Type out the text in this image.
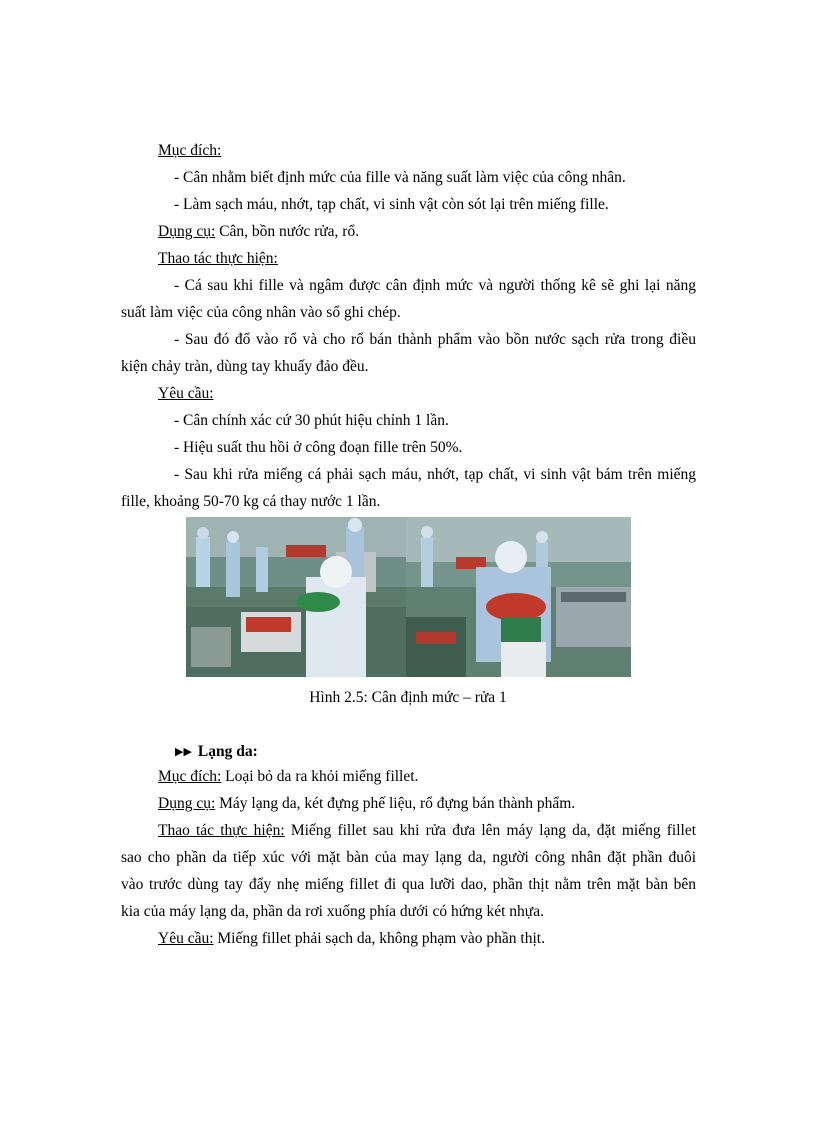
Mục đích:
- Cân nhằm biết định mức của fille và năng suất làm việc của công nhân.
- Làm sạch máu, nhớt, tạp chất, vi sinh vật còn sót lại trên miếng fille.
Dụng cụ: Cân, bồn nước rửa, rổ.
Thao tác thực hiện:
- Cá sau khi fille và ngâm được cân định mức và người thống kê sẽ ghi lại năng
suất làm việc của công nhân vào sổ ghi chép.
- Sau đó đổ vào rổ và cho rổ bán thành phẩm vào bồn nước sạch rửa trong điều
kiện chảy tràn, dùng tay khuấy đảo đều.
Yêu cầu:
- Cân chính xác cứ 30 phút hiệu chỉnh 1 lần.
- Hiệu suất thu hồi ở công đoạn fille trên 50%.
- Sau khi rửa miếng cá phải sạch máu, nhớt, tạp chất, vi sinh vật bám trên miếng
fille, khoảng 50-70 kg cá thay nước 1 lần.
Hình 2.5: Cân định mức – rửa 1
▶▶ Lạng da:
Mục đích: Loại bỏ da ra khỏi miếng fillet.
Dụng cụ: Máy lạng da, két đựng phế liệu, rổ đựng bán thành phẩm.
Thao tác thực hiện: Miếng fillet sau khi rửa đưa lên máy lạng da, đặt miếng fillet
sao cho phần da tiếp xúc với mặt bàn của may lạng da, người công nhân đặt phần đuôi
vào trước dùng tay đẩy nhẹ miếng fillet đi qua lưỡi dao, phần thịt nằm trên mặt bàn bên
kia của máy lạng da, phần da rơi xuống phía dưới có hứng két nhựa.
Yêu cầu: Miếng fillet phải sạch da, không phạm vào phần thịt.
